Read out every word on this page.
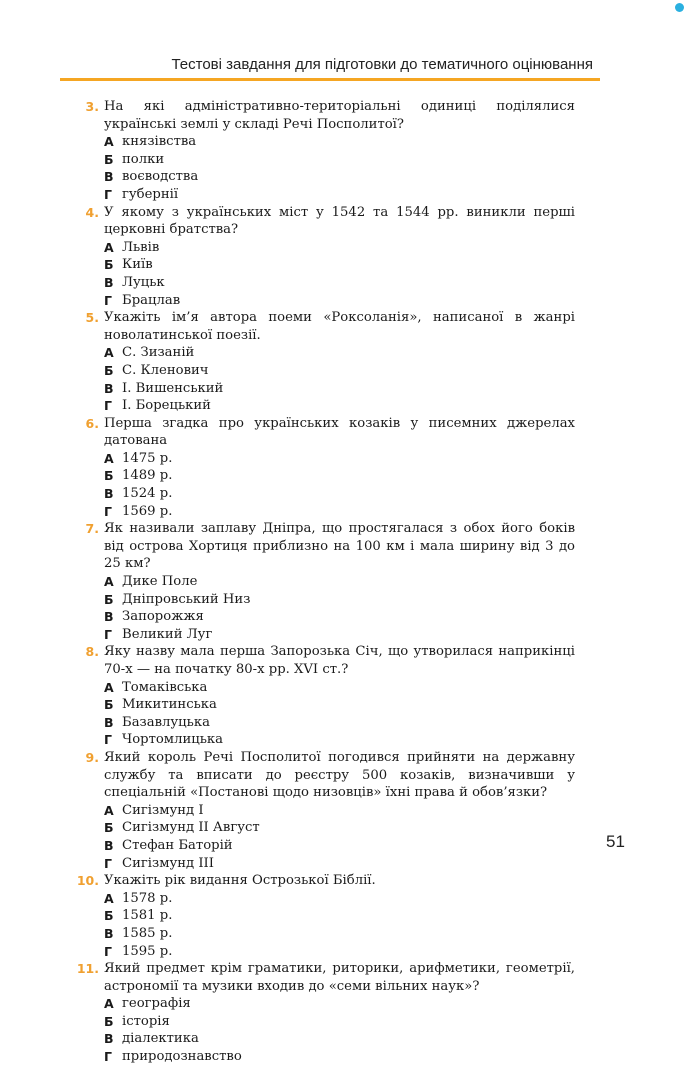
Тестові завдання для підготовки до тематичного оцінювання
3. На які адміністративно-територіальні одиниці поділялися українські землі у складі Речі Посполитої?
А князівства
Б полки
В воєводства
Г губернії
4. У якому з українських міст у 1542 та 1544 рр. виникли перші церковні братства?
А Львів
Б Київ
В Луцьк
Г Брацлав
5. Укажіть ім’я автора поеми «Роксоланія», написаної в жанрі новолатинської поезії.
А С. Зизаній
Б С. Кленович
В І. Вишенський
Г І. Борецький
6. Перша згадка про українських козаків у писемних джерелах датована
А 1475 р.
Б 1489 р.
В 1524 р.
Г 1569 р.
7. Як називали заплаву Дніпра, що простягалася з обох його боків від острова Хортиця приблизно на 100 км і мала ширину від 3 до 25 км?
А Дике Поле
Б Дніпровський Низ
В Запорожжя
Г Великий Луг
8. Яку назву мала перша Запорозька Січ, що утворилася наприкінці 70-х — на початку 80-х рр. XVI ст.?
А Томаківська
Б Микитинська
В Базавлуцька
Г Чортомлицька
9. Який король Речі Посполитої погодився прийняти на державну службу та вписати до реєстру 500 козаків, визначивши у спеціальній «Постанові щодо низовців» їхні права й обов’язки?
А Сигізмунд I
Б Сигізмунд II Август
В Стефан Баторій
Г Сигізмунд III
10. Укажіть рік видання Острозької Біблії.
А 1578 р.
Б 1581 р.
В 1585 р.
Г 1595 р.
11. Який предмет крім граматики, риторики, арифметики, геометрії, астрономії та музики входив до «семи вільних наук»?
А географія
Б історія
В діалектика
Г природознавство
51
